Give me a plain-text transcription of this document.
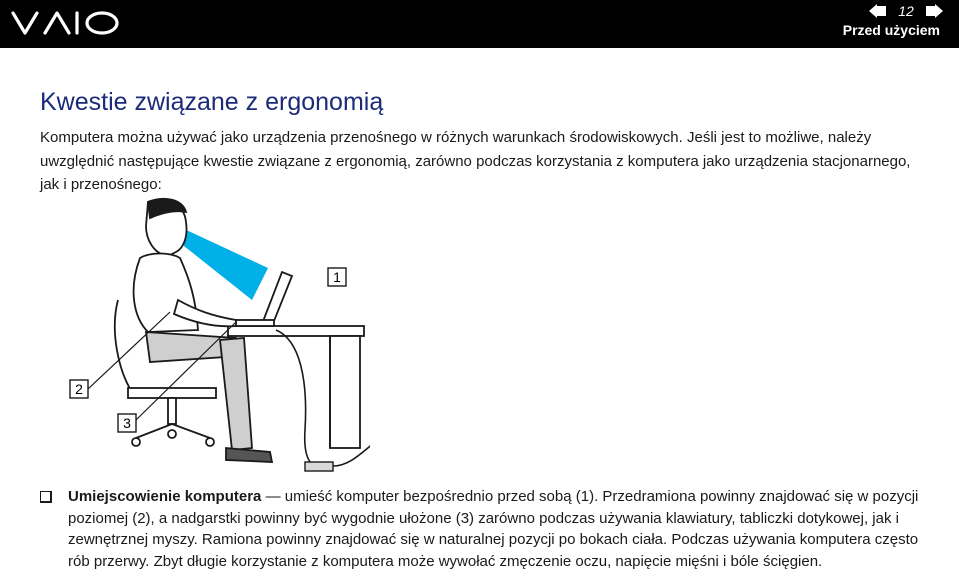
12
Przed użyciem
Kwestie związane z ergonomią

Komputera można używać jako urządzenia przenośnego w różnych warunkach środowiskowych. Jeśli jest to możliwe, należy uwzględnić następujące kwestie związane z ergonomią, zarówno podczas korzystania z komputera jako urządzenia stacjonarnego, jak i przenośnego:

1
2
3

Umiejscowienie komputera — umieść komputer bezpośrednio przed sobą (1). Przedramiona powinny znajdować się w pozycji poziomej (2), a nadgarstki powinny być wygodnie ułożone (3) zarówno podczas używania klawiatury, tabliczki dotykowej, jak i zewnętrznej myszy. Ramiona powinny znajdować się w naturalnej pozycji po bokach ciała. Podczas używania komputera często rób przerwy. Zbyt długie korzystanie z komputera może wywołać zmęczenie oczu, napięcie mięśni i bóle ścięgien.
